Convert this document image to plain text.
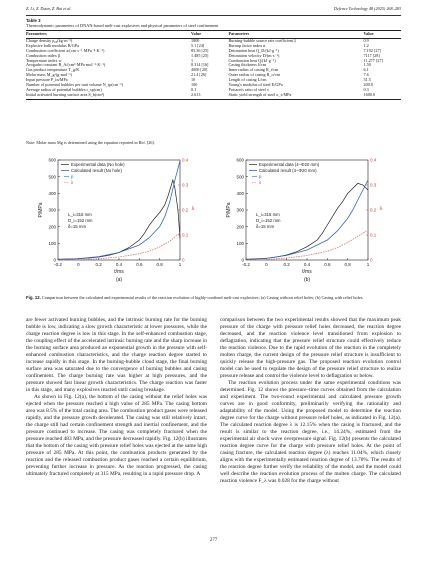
Z. Li, Z. Duan, Z. Bai et al.	Defence Technology 48 (2025) 268–283
Table 3
Thermodynamic parameters of DNAN-based melt-cast explosives and physical parameters of steel confinement
Parameters	Value	Parameters	Value
Charge density ρ₀₀(kg·m⁻³)	1800	Burning-bubble source rate coefficient ξ	0.9
Explosive bulk modulus B/GPa	5.1 [24]	Burnup factor index n	1.2
Combustion coefficient a/(cm·s⁻¹·MPa⁻ᵝ·K⁻¹)	85.36 [25]	Detonation heat Q_D/(kJ·g⁻¹)	7.192 [27]
Combustion index β	1.485 [25]	Detonation velocity D/(m·s⁻¹)	7117 [28]
Temperature index w	1	Combustion heat Q/(kJ·g⁻¹)	11.277 [27]
Avogadro constant R_A/(cm³·MPa·mol⁻¹·K⁻¹)	8.314 [16]	Casing thickness δ/cm	1.50
Gas product temperature T_g/K	4000 [20]	Inner radius of casing R_i/cm	6.1
Molar mass M_g/(g·mol⁻¹)	21.4 [26]	Outer radius of casing R_o/cm	7.6
Input pressure P_in/MPa	10	Length of casing L/cm	31.5
Number of potential bubbles per unit volume N_sp(cm⁻³)	100	Young's modulus of steel E/GPa	200.0
Average radius of potential bubbles r_sp(cm)	0.1	Poisson's ratio of steel v	0.3
Initial activated burning surface area S_b(cm²)	2.613	Static yield strength of steel σ_s/MPa	1600.0
Note: Molar mass Mg is determined using the equation reported in Ref. [26].
-0.2	0	0.2	0.4	0.6	0.8	1
0
100
200
300
400
500
600
0
0.1
0.2
0.3
0.4
P/MPa	λ
t/ms
(a)
Experimental data (No hole)
Calculated result (No hole)
p
λ
L_i=315 mm
D_i=152 mm
δ=15 mm
-0.2	0	0.2	0.4	0.6	0.8	1
0
100
200
300
400
500
600
0
0.1
0.2
0.3
0.4
P/MPa	λ
t/ms
(b)
Experimental data (4−Φ20 mm)
Calculated result (4−Φ20 mm)
p
λ
L_i=315 mm
D_i=152 mm
δ=15 mm
Fig. 12. Comparison between the calculated and experimental results of the reaction evolution of highly-confined melt-cast explosives: (a) Casing without relief holes; (b) Casing with relief holes.

are fewer activated burning bubbles, and the intrinsic burning rate for the burning bubble is low, indicating a slow growth characteristic at lower pressures, while the charge reaction degree is low in this stage. In the self-enhanced combustion stage, the coupling effect of the accelerated intrinsic burning rate and the sharp increase in the burning surface area produced an exponential growth in the pressure with self-enhanced combustion characteristics, and the charge reaction degree started to increase rapidly in this stage. In the burning-bubble cloud stage, the final burning surface area was saturated due to the convergence of burning bubbles and casing confinement. The charge burning rate was higher at high pressures, and the pressure showed fast linear growth characteristics. The charge reaction was faster in this stage, and many explosives reacted until casing breakage.

As shown in Fig. 12(a), the bottom of the casing without the relief holes was ejected when the pressure reached a high value of 285 MPa. The casing bottom area was 8.5% of the total casing area. The combustion product gases were released rapidly, and the pressure growth decelerated. The casing was still relatively intact, the charge still had certain confinement strength and inertial confinement, and the pressure continued to increase. The casing was completely fractured when the pressure reached 483 MPa, and the pressure decreased rapidly. Fig. 12(b) illustrates that the bottom of the casing with pressure relief holes was ejected at the same high pressure of 285 MPa. At this point, the combustion products generated by the reaction and the released combustion product gases reached a certain equilibrium, preventing further increase in pressure. As the reaction progressed, the casing ultimately fractured completely at 315 MPa, resulting in a rapid pressure drop. A

comparison between the two experimental results showed that the maximum peak pressure of the charge with pressure relief holes decreased, the reaction degree decreased, and the reaction violence level transitioned from explosion to deflagration, indicating that the pressure relief structure could effectively reduce the reaction violence. Due to the rapid evolution of the reaction in the completely molten charge, the current design of the pressure relief structure is insufficient to quickly release the high-pressure gas. The proposed reaction evolution control model can be used to regulate the design of the pressure relief structure to realize pressure release and control the violence level to deflagration or below.

The reaction evolution process under the same experimental conditions was determined. Fig. 12 shows the pressure–time curves obtained from the calculation and experiment. The two-round experimental and calculated pressure growth curves are in good conformity, preliminarily verifying the rationality and adaptability of the model. Using the proposed model to determine the reaction degree curve for the charge without pressure relief holes, as indicated in Fig. 12(a). The calculated reaction degree λ is 12.15% when the casing is fractured, and the result is similar to the reaction degree, i.e., 14.24%, estimated from the experimental air shock wave overpressure signal. Fig. 12(b) presents the calculated reaction degree curve for the charge with pressure relief holes. At the point of casing fracture, the calculated reaction degree (λ) reaches 11.04%, which closely aligns with the experimentally estimated reaction degree of 13.70%. The results of the reaction degree further verify the reliability of the model, and the model could well describe the reaction evolution process of the molten charge. The calculated reaction violence F_λ was 0.028 for the charge without

277
